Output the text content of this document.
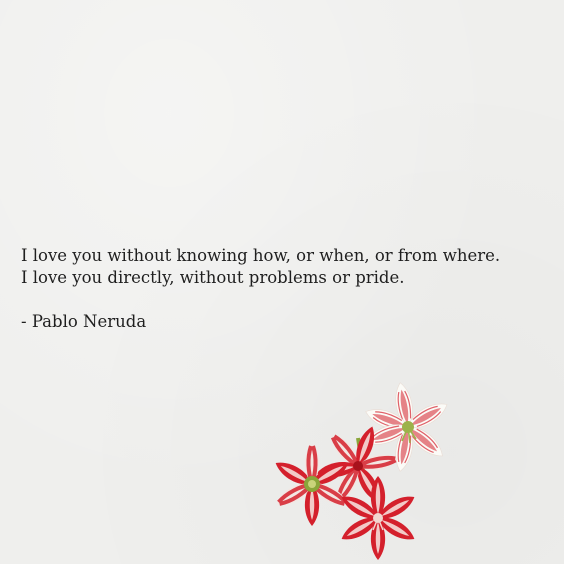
I love you without knowing how, or when, or from where.
I love you directly, without problems or pride.

- Pablo Neruda
